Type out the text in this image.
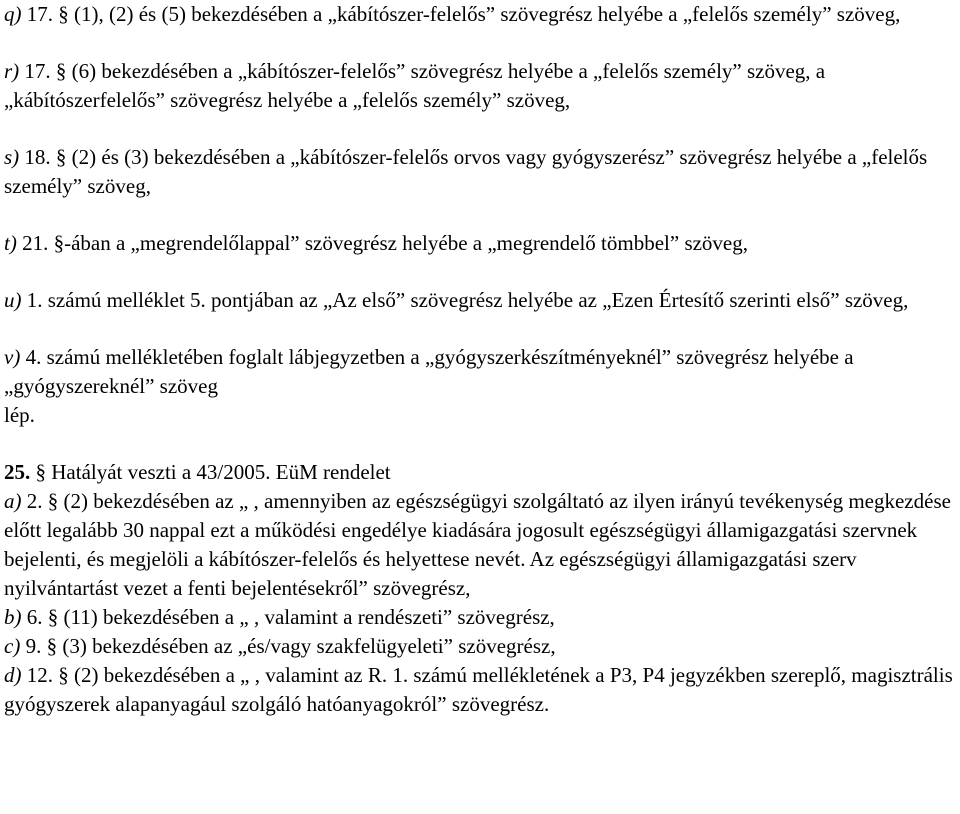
q) 17. § (1), (2) és (5) bekezdésében a „kábítószer-felelős” szövegrész helyébe a „felelős személy” szöveg,

r) 17. § (6) bekezdésében a „kábítószer-felelős” szövegrész helyébe a „felelős személy” szöveg, a „kábítószerfelelős” szövegrész helyébe a „felelős személy” szöveg,

s) 18. § (2) és (3) bekezdésében a „kábítószer-felelős orvos vagy gyógyszerész” szövegrész helyébe a „felelős személy” szöveg,

t) 21. §-ában a „megrendelőlappal” szövegrész helyébe a „megrendelő tömbbel” szöveg,

u) 1. számú melléklet 5. pontjában az „Az első” szövegrész helyébe az „Ezen Értesítő szerinti első” szöveg,

v) 4. számú mellékletében foglalt lábjegyzetben a „gyógyszerkészítményeknél” szövegrész helyébe a „gyógyszereknél” szöveg
lép.

25. § Hatályát veszti a 43/2005. EüM rendelet

a) 2. § (2) bekezdésében az „ , amennyiben az egészségügyi szolgáltató az ilyen irányú tevékenység megkezdése előtt legalább 30 nappal ezt a működési engedélye kiadására jogosult egészségügyi államigazgatási szervnek bejelenti, és megjelöli a kábítószer-felelős és helyettese nevét. Az egészségügyi államigazgatási szerv nyilvántartást vezet a fenti bejelentésekről” szövegrész,

b) 6. § (11) bekezdésében a „ , valamint a rendészeti” szövegrész,

c) 9. § (3) bekezdésében az „és/vagy szakfelügyeleti” szövegrész,

d) 12. § (2) bekezdésében a „ , valamint az R. 1. számú mellékletének a P3, P4 jegyzékben szereplő, magisztrális gyógyszerek alapanyagául szolgáló hatóanyagokról” szövegrész.
